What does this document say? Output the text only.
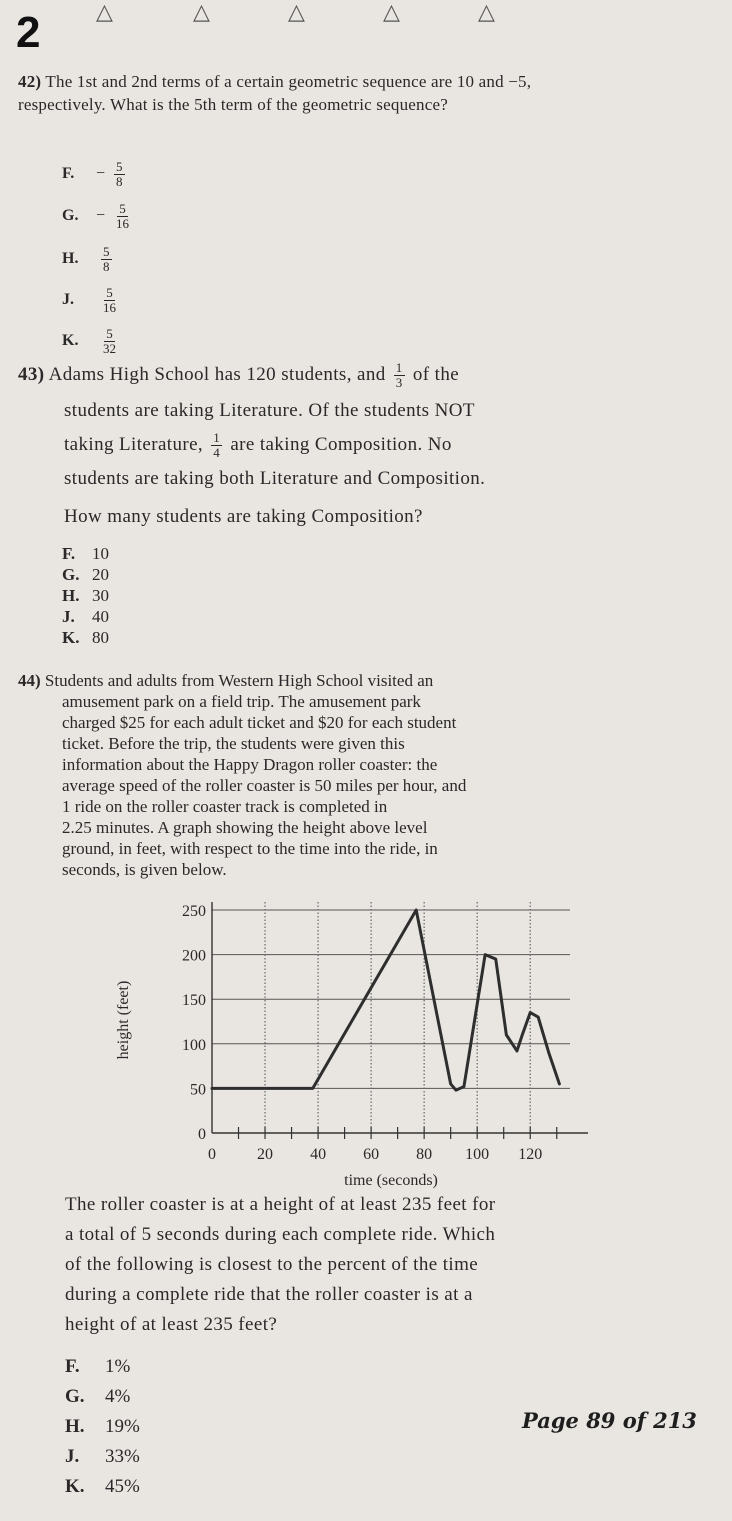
2	△	△	△	△	△
42) The 1st and 2nd terms of a certain geometric sequence are 10 and −5, respectively. What is the 5th term of the geometric sequence?
F. − $\frac{5}{8}$
G. − $\frac{5}{16}$
H. $\frac{5}{8}$
J. $\frac{5}{16}$
K. $\frac{5}{32}$
43) Adams High School has 120 students, and $\frac{1}{3}$ of the
students are taking Literature. Of the students NOT
taking Literature, $\frac{1}{4}$ are taking Composition. No
students are taking both Literature and Composition.
How many students are taking Composition?
F. 10
G. 20
H. 30
J. 40
K. 80
44) Students and adults from Western High School visited an
amusement park on a field trip. The amusement park
charged $25 for each adult ticket and $20 for each student
ticket. Before the trip, the students were given this
information about the Happy Dragon roller coaster: the
average speed of the roller coaster is 50 miles per hour, and
1 ride on the roller coaster track is completed in
2.25 minutes. A graph showing the height above level
ground, in feet, with respect to the time into the ride, in
seconds, is given below.
0	20 40 60 80 100 120
0
50
100
150
200
250
time (seconds)
height (feet)
The roller coaster is at a height of at least 235 feet for
a total of 5 seconds during each complete ride. Which
of the following is closest to the percent of the time
during a complete ride that the roller coaster is at a
height of at least 235 feet?
F. 1%
G. 4%
H. 19%
J. 33%
K. 45%
Page 89 of 213
